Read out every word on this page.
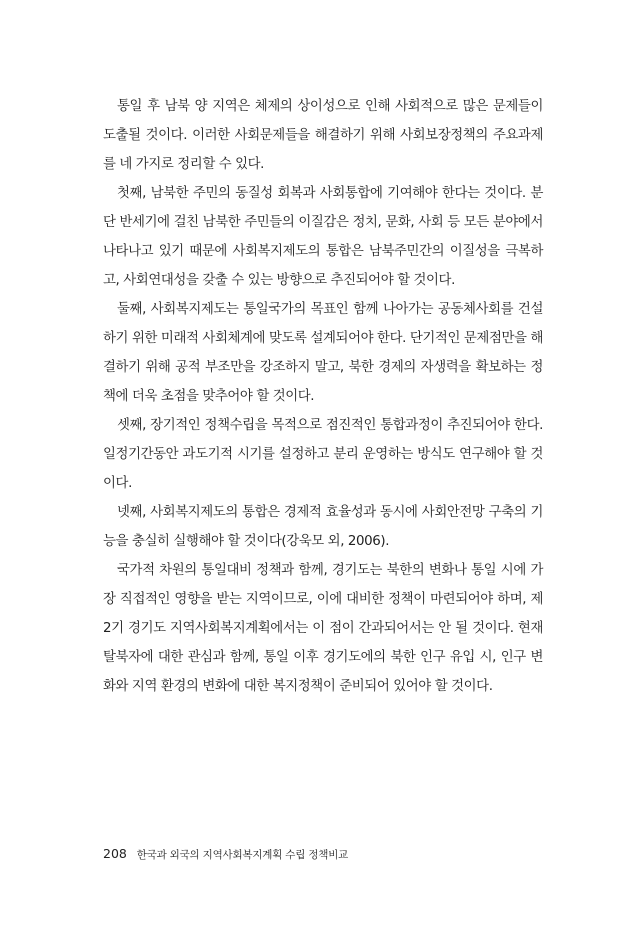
통일 후 남북 양 지역은 체제의 상이성으로 인해 사회적으로 많은 문제들이 도출될 것이다. 이러한 사회문제들을 해결하기 위해 사회보장정책의 주요과제를 네 가지로 정리할 수 있다.

첫째, 남북한 주민의 동질성 회복과 사회통합에 기여해야 한다는 것이다. 분단 반세기에 걸친 남북한 주민들의 이질감은 정치, 문화, 사회 등 모든 분야에서 나타나고 있기 때문에 사회복지제도의 통합은 남북주민간의 이질성을 극복하고, 사회연대성을 갖출 수 있는 방향으로 추진되어야 할 것이다.

둘째, 사회복지제도는 통일국가의 목표인 함께 나아가는 공동체사회를 건설하기 위한 미래적 사회체계에 맞도록 설계되어야 한다. 단기적인 문제점만을 해결하기 위해 공적 부조만을 강조하지 말고, 북한 경제의 자생력을 확보하는 정책에 더욱 초점을 맞추어야 할 것이다.

셋째, 장기적인 정책수립을 목적으로 점진적인 통합과정이 추진되어야 한다. 일정기간동안 과도기적 시기를 설정하고 분리 운영하는 방식도 연구해야 할 것이다.

넷째, 사회복지제도의 통합은 경제적 효율성과 동시에 사회안전망 구축의 기능을 충실히 실행해야 할 것이다(강욱모 외, 2006).

국가적 차원의 통일대비 정책과 함께, 경기도는 북한의 변화나 통일 시에 가장 직접적인 영향을 받는 지역이므로, 이에 대비한 정책이 마련되어야 하며, 제 2기 경기도 지역사회복지계획에서는 이 점이 간과되어서는 안 될 것이다. 현재 탈북자에 대한 관심과 함께, 통일 이후 경기도에의 북한 인구 유입 시, 인구 변화와 지역 환경의 변화에 대한 복지정책이 준비되어 있어야 할 것이다.

208 한국과 외국의 지역사회복지계획 수립 정책비교
